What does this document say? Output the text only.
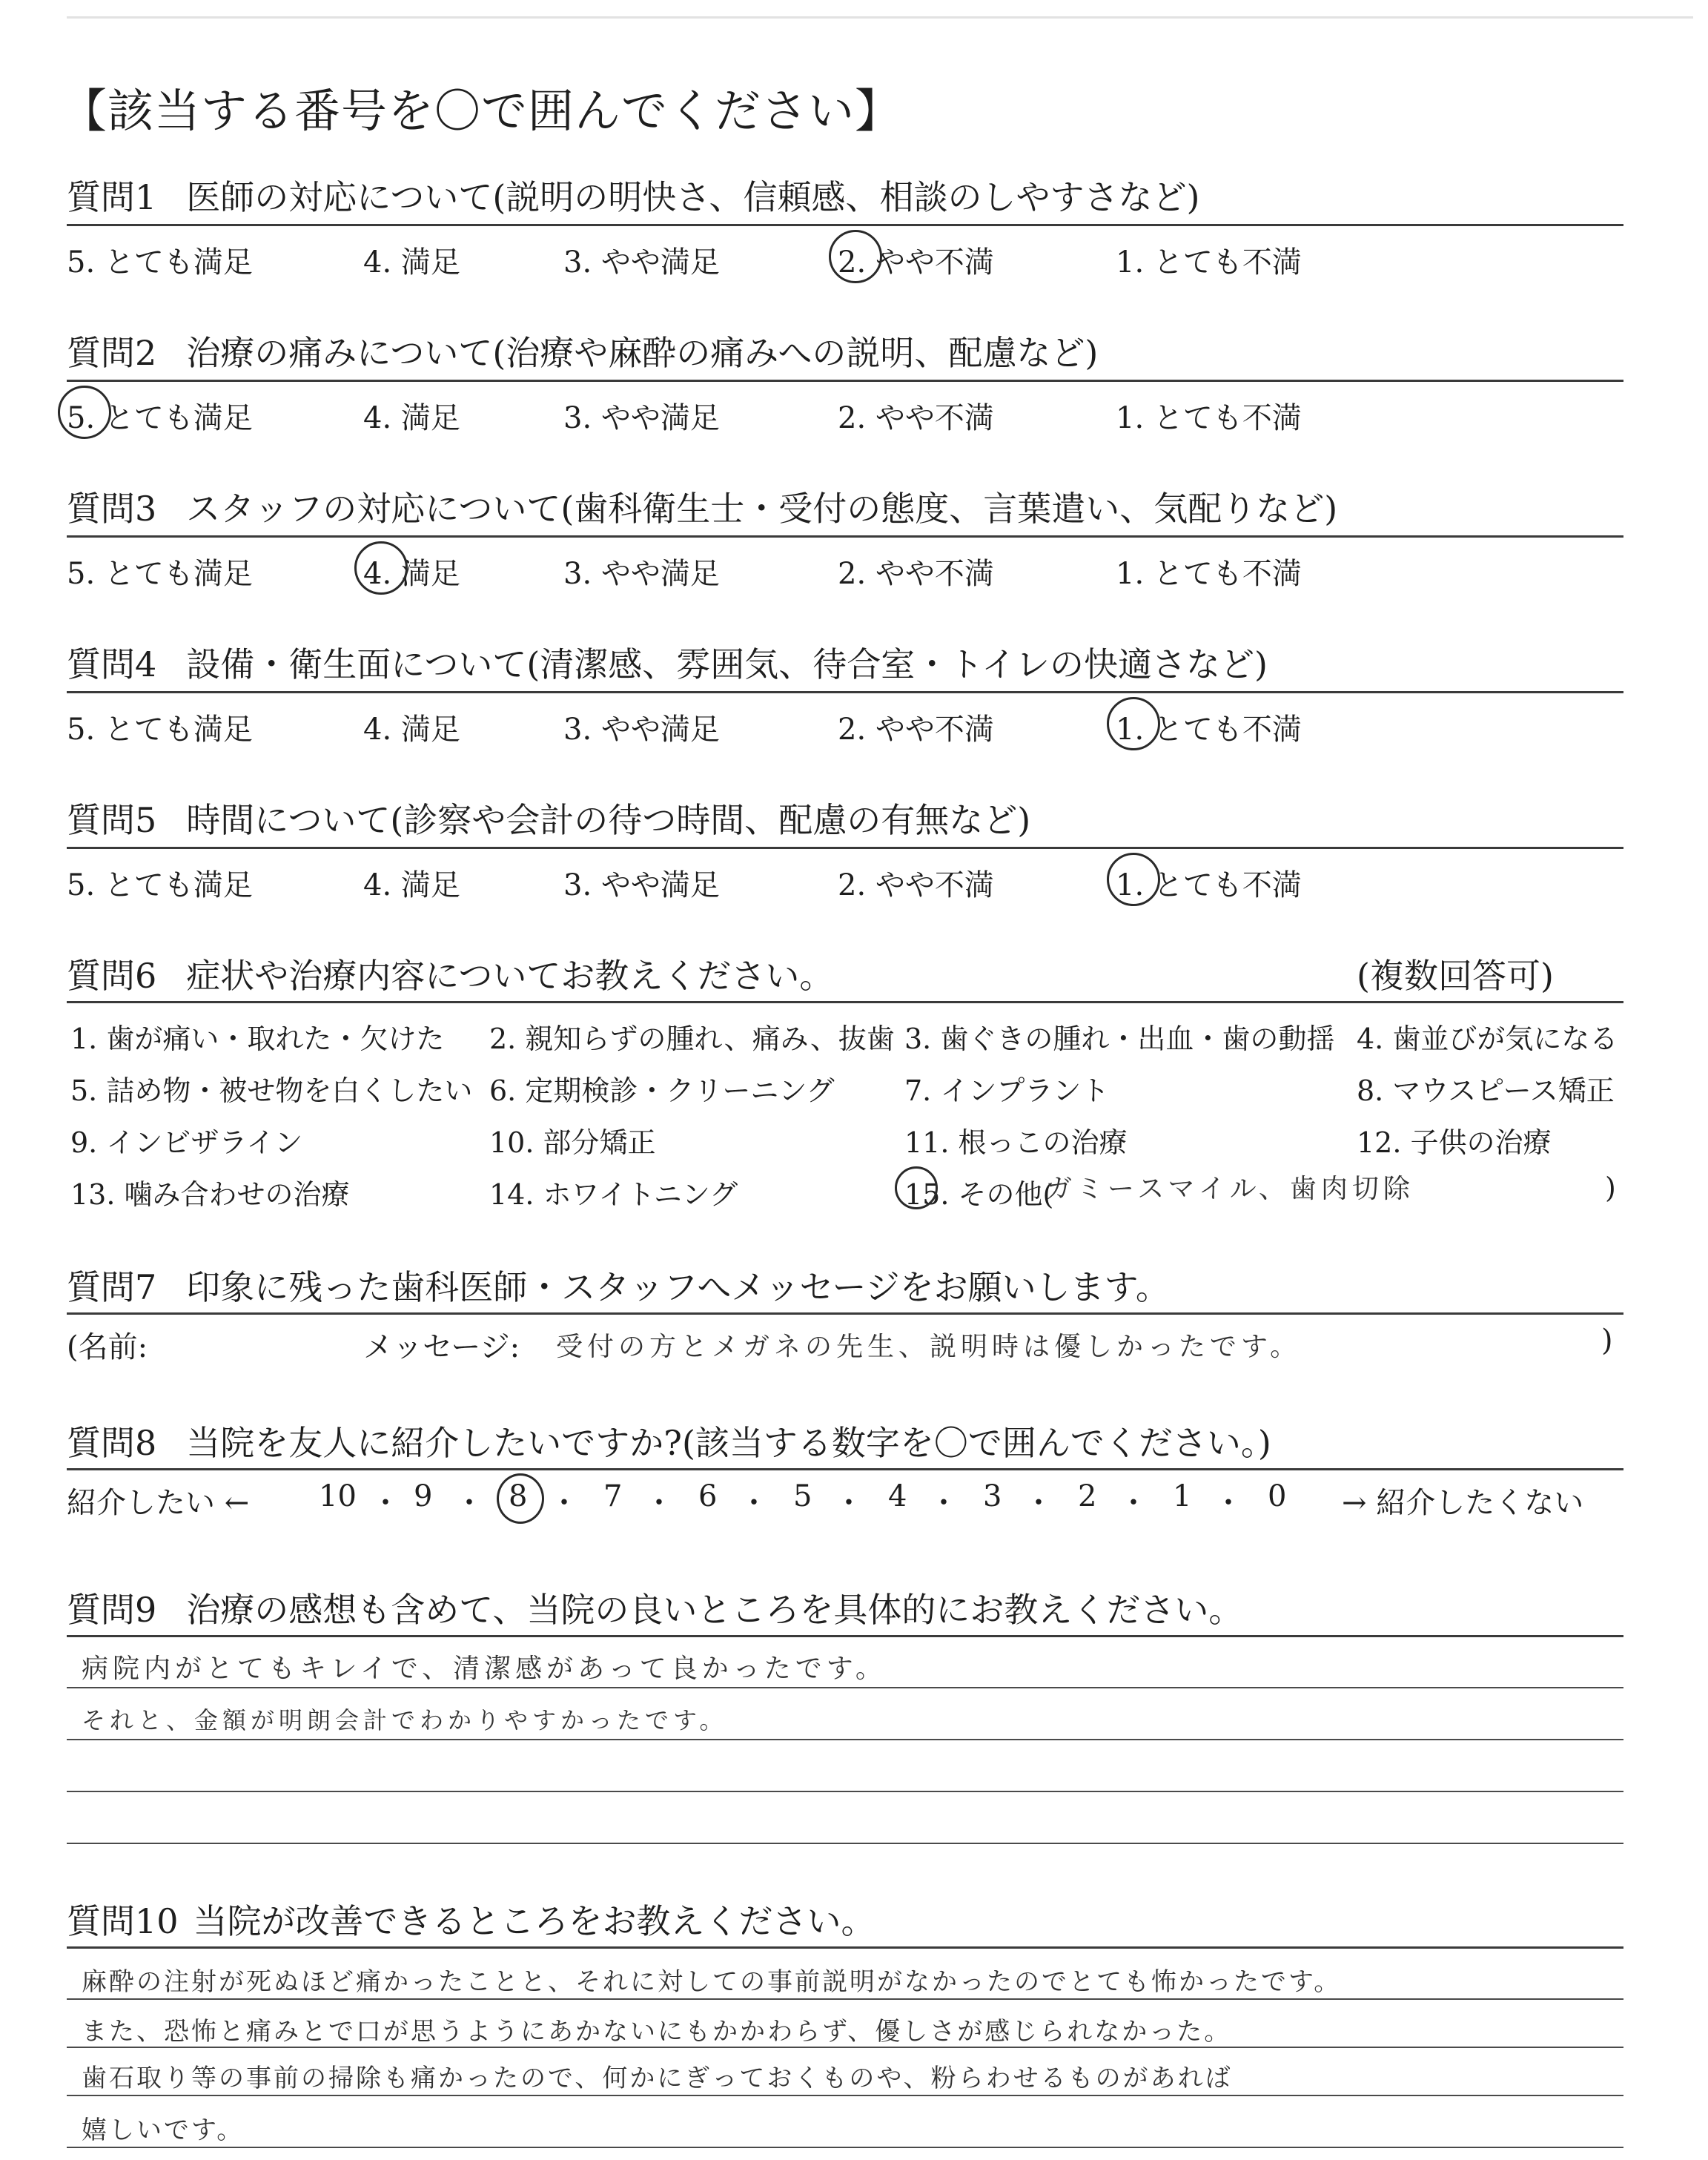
【該当する番号を〇で囲んでください】
質問1 医師の対応について(説明の明快さ、信頼感、相談のしやすさなど)
5. とても満足	4. 満足	3. やや満足	2. やや不満	1. とても不満
質問2 治療の痛みについて(治療や麻酔の痛みへの説明、配慮など)
5. とても満足	4. 満足	3. やや満足	2. やや不満	1. とても不満
質問3 スタッフの対応について(歯科衛生士・受付の態度、言葉遣い、気配りなど)
5. とても満足	4. 満足	3. やや満足	2. やや不満	1. とても不満
質問4 設備・衛生面について(清潔感、雰囲気、待合室・トイレの快適さなど)
5. とても満足	4. 満足	3. やや満足	2. やや不満	1. とても不満
質問5 時間について(診察や会計の待つ時間、配慮の有無など)
5. とても満足	4. 満足	3. やや満足	2. やや不満	1. とても不満
質問6 症状や治療内容についてお教えください。	(複数回答可)
1. 歯が痛い・取れた・欠けた 2. 親知らずの腫れ、痛み、抜歯 3. 歯ぐきの腫れ・出血・歯の動揺 4. 歯並びが気になる
5. 詰め物・被せ物を白くしたい 6. 定期検診・クリーニング 7. インプラント	8. マウスピース矯正
9. インビザライン	10. 部分矯正	11. 根っこの治療	12. 子供の治療
13. 噛み合わせの治療	14. ホワイトニング	15. その他(
ガミースマイル、歯肉切除	)
質問7 印象に残った歯科医師・スタッフへメッセージをお願いします。
(名前:	メッセージ: 受付の方とメガネの先生、説明時は優しかったです。	)
質問8 当院を友人に紹介したいですか?(該当する数字を〇で囲んでください。)
紹介したい ← 10 ・ 9 ・ 8 ・ 7 ・ 6 ・ 5 ・ 4 ・ 3 ・ 2 ・ 1 ・ 0 → 紹介したくない
質問9 治療の感想も含めて、当院の良いところを具体的にお教えください。
病院内がとてもキレイで、清潔感があって良かったです。
それと、金額が明朗会計でわかりやすかったです。
質問10 当院が改善できるところをお教えください。
麻酔の注射が死ぬほど痛かったことと、それに対しての事前説明がなかったのでとても怖かったです。
また、恐怖と痛みとで口が思うようにあかないにもかかわらず、優しさが感じられなかった。
歯石取り等の事前の掃除も痛かったので、何かにぎっておくものや、粉らわせるものがあれば
嬉しいです。
